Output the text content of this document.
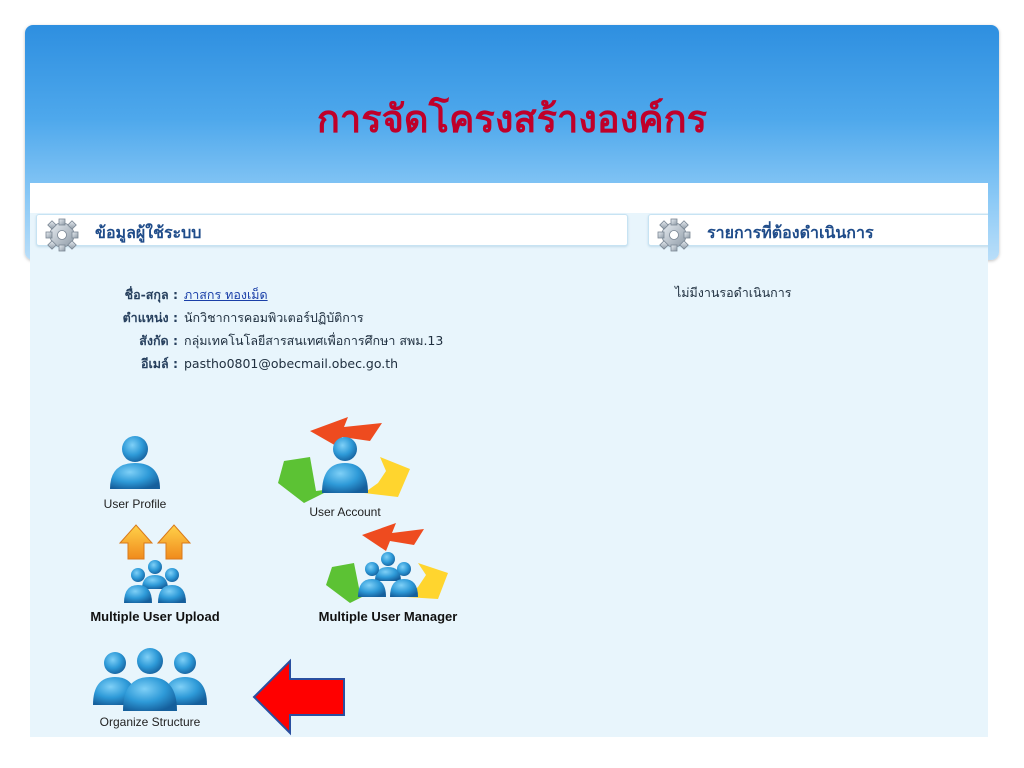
การจัดโครงสร้างองค์กร
ข้อมูลผู้ใช้ระบบ	รายการที่ต้องดำเนินการ
ชื่อ-สกุล : ภาสกร ทองเม็ด
ตำแหน่ง : นักวิชาการคอมพิวเตอร์ปฏิบัติการ
สังกัด : กลุ่มเทคโนโลยีสารสนเทศเพื่อการศึกษา สพม.13
อีเมล์ : pastho0801@obecmail.obec.go.th
ไม่มีงานรอดำเนินการ
User Profile
User Account
Multiple User Upload	Multiple User Manager
Organize Structure
